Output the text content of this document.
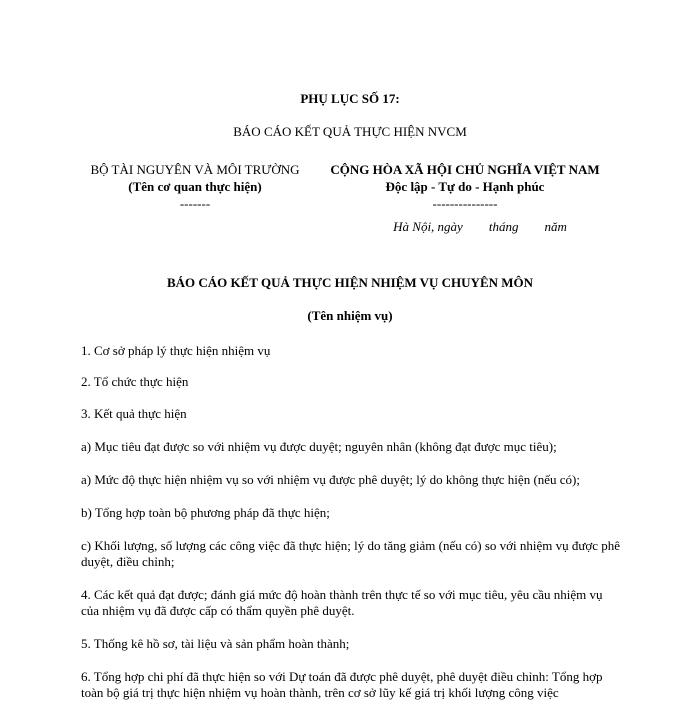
PHỤ LỤC SỐ 17:
BÁO CÁO KẾT QUẢ THỰC HIỆN NVCM
BỘ TÀI NGUYÊN VÀ MÔI TRƯỜNG
(Tên cơ quan thực hiện)
-------
CỘNG HÒA XÃ HỘI CHỦ NGHĨA VIỆT NAM
Độc lập - Tự do - Hạnh phúc
---------------
Hà Nội, ngày tháng năm
BÁO CÁO KẾT QUẢ THỰC HIỆN NHIỆM VỤ CHUYÊN MÔN
(Tên nhiệm vụ)
1. Cơ sở pháp lý thực hiện nhiệm vụ
2. Tổ chức thực hiện
3. Kết quả thực hiện
a) Mục tiêu đạt được so với nhiệm vụ được duyệt; nguyên nhân (không đạt được mục tiêu);
a) Mức độ thực hiện nhiệm vụ so với nhiệm vụ được phê duyệt; lý do không thực hiện (nếu có);
b) Tổng hợp toàn bộ phương pháp đã thực hiện;
c) Khối lượng, số lượng các công việc đã thực hiện; lý do tăng giảm (nếu có) so với nhiệm vụ được phê duyệt, điều chỉnh;
4. Các kết quả đạt được; đánh giá mức độ hoàn thành trên thực tế so với mục tiêu, yêu cầu nhiệm vụ của nhiệm vụ đã được cấp có thẩm quyền phê duyệt.
5. Thống kê hồ sơ, tài liệu và sản phẩm hoàn thành;
6. Tổng hợp chi phí đã thực hiện so với Dự toán đã được phê duyệt, phê duyệt điều chỉnh: Tổng hợp toàn bộ giá trị thực hiện nhiệm vụ hoàn thành, trên cơ sở lũy kế giá trị khối lượng công việc
